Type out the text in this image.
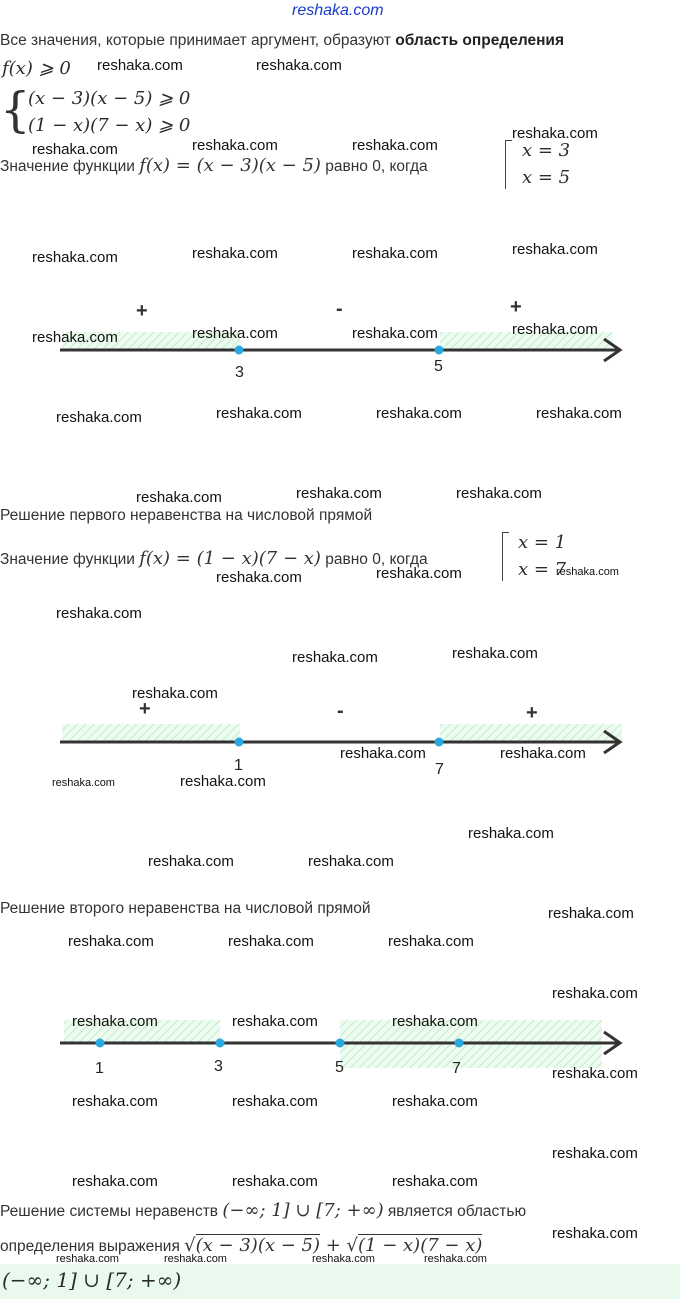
reshaka.com
Все значения, которые принимает аргумент, образуют область определения
f(x) ⩾ 0
{
(x − 3)(x − 5) ⩾ 0
(1 − x)(7 − x) ⩾ 0
Значение функции f(x) = (x − 3)(x − 5) равно 0, когда
x = 3
x = 5
+	-	+
3	5
Решение первого неравенства на числовой прямой
Значение функции f(x) = (1 − x)(7 − x) равно 0, когда
x = 1
x = 7
+	-	+
1	7
Решение второго неравенства на числовой прямой
1	3	5	7
Решение системы неравенств (−∞; 1] ∪ [7; +∞) является областью
определения выражения √(x − 3)(x − 5) + √(1 − x)(7 − x)
(−∞; 1] ∪ [7; +∞)
reshaka.com	reshaka.com
reshaka.com	reshaka.com	reshaka.com
reshaka.com
reshaka.com	reshaka.com	reshaka.com	reshaka.com
reshaka.com	reshaka.com	reshaka.com	reshaka.com
reshaka.com	reshaka.com	reshaka.com	reshaka.com
reshaka.com	reshaka.com	reshaka.com
reshaka.com	reshaka.com	reshaka.com
reshaka.com
reshaka.com	reshaka.com
reshaka.com
reshaka.com	reshaka.com
reshaka.com	reshaka.com
reshaka.com
reshaka.com	reshaka.com
reshaka.com
reshaka.com	reshaka.com	reshaka.com
reshaka.com
reshaka.com	reshaka.com	reshaka.com
reshaka.com
reshaka.com	reshaka.com	reshaka.com
reshaka.com
reshaka.com	reshaka.com	reshaka.com
reshaka.com
reshaka.com	reshaka.com	reshaka.com	reshaka.com
